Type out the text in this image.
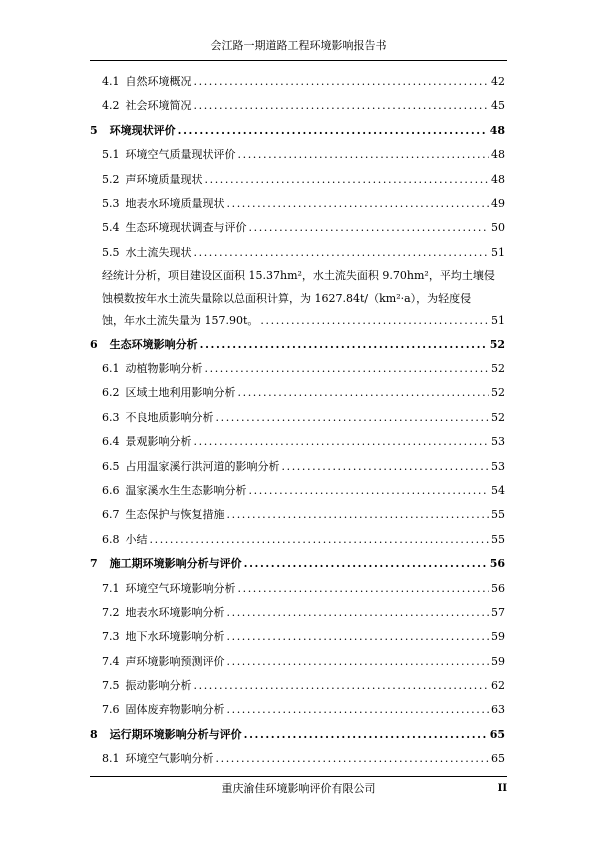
会江路一期道路工程环境影响报告书
4.1 自然环境概况 .....	42
4.2 社会环境简况 .....	45
5 环境现状评价 .....	48
5.1 环境空气质量现状评价 .....	48
5.2 声环境质量现状 .....	48
5.3 地表水环境质量现状 .....	49
5.4 生态环境现状调查与评价 .....	50
5.5 水土流失现状 .....	51
经统计分析，项目建设区面积 15.37hm²，水土流失面积 9.70hm²，平均土壤侵
蚀模数按年水土流失量除以总面积计算，为 1627.84t/（km²·a），为轻度侵
蚀，年水土流失量为 157.90t。 .....	51
6 生态环境影响分析 .....	52
6.1 动植物影响分析 .....	52
6.2 区域土地利用影响分析 .....	52
6.3 不良地质影响分析 .....	52
6.4 景观影响分析 .....	53
6.5 占用温家溪行洪河道的影响分析 .....	53
6.6 温家溪水生生态影响分析 .....	54
6.7 生态保护与恢复措施 .....	55
6.8 小结 .....	55
7 施工期环境影响分析与评价 .....	56
7.1 环境空气环境影响分析 .....	56
7.2 地表水环境影响分析 .....	57
7.3 地下水环境影响分析 .....	59
7.4 声环境影响预测评价 .....	59
7.5 振动影响分析 .....	62
7.6 固体废弃物影响分析 .....	63
8 运行期环境影响分析与评价 .....	65
8.1 环境空气影响分析 .....	65
重庆渝佳环境影响评价有限公司	II
